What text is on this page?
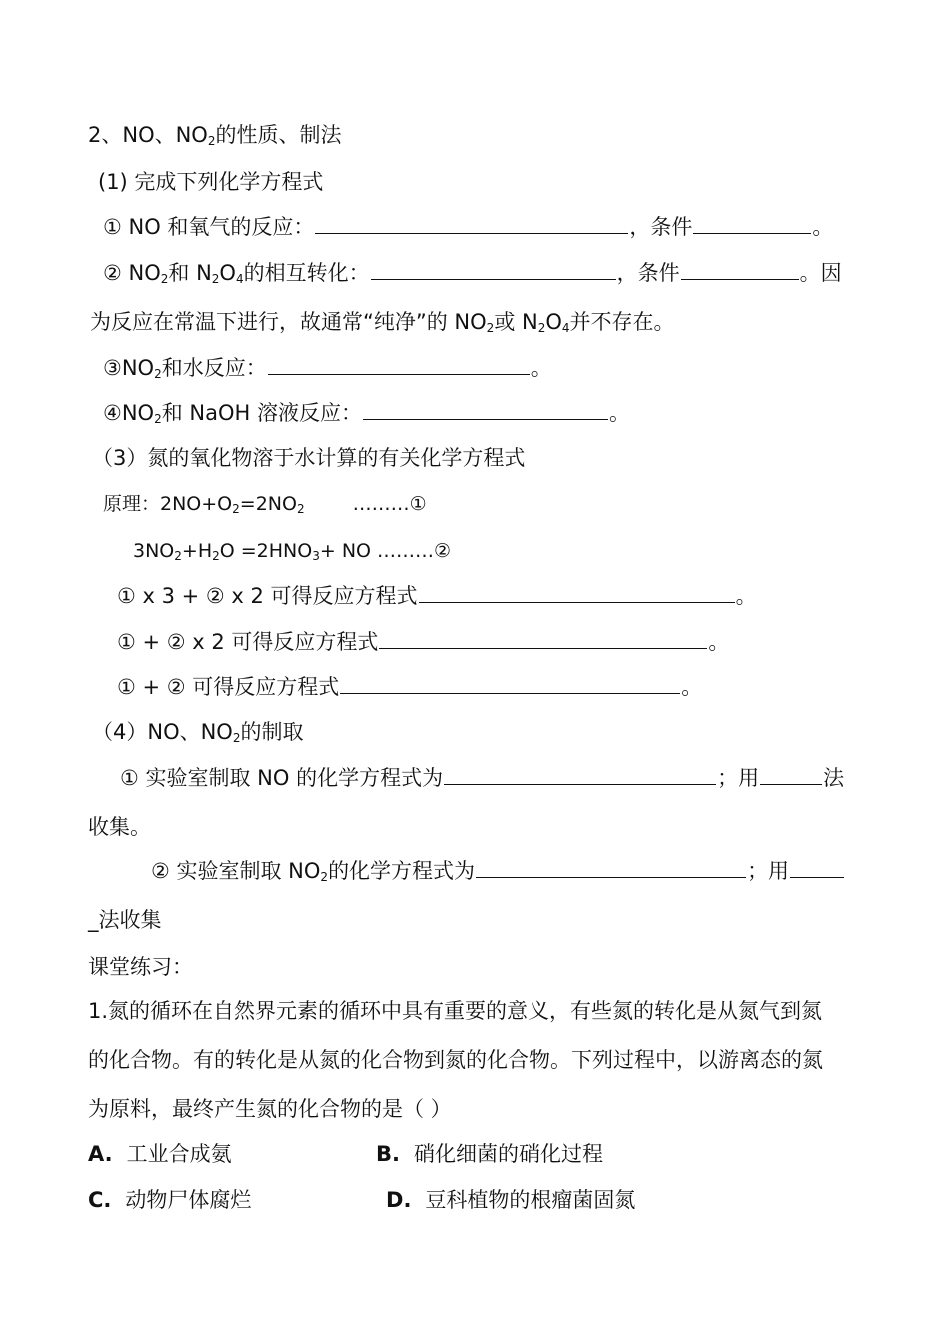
2、NO、$NO_2$的性质、制法
(1) 完成下列化学方程式
① NO 和氧气的反应：	，条件	。
② $NO_2$和 $N_2O_4$的相互转化：	，条件	。因
为反应在常温下进行，故通常“纯净”的 $NO_2$或 $N_2O_4$并不存在。
$③NO_2$和水反应：	。
$④NO_2$和 NaOH 溶液反应：	。
（3）氮的氧化物溶于水计算的有关化学方程式
原理：$2NO+O_2=2NO_2$	………①
$3NO_2+H_2O =2HNO_3+$ NO ………②
① x 3 + ② x 2 可得反应方程式	。
① + ② x 2 可得反应方程式	。
① + ② 可得反应方程式	。
（4）NO、$NO_2$的制取
① 实验室制取 NO 的化学方程式为	；用	法
收集。
② 实验室制取 $NO_2$的化学方程式为	；用
_法收集
课堂练习：
1.氮的循环在自然界元素的循环中具有重要的意义，有些氮的转化是从氮气到氮
的化合物。有的转化是从氮的化合物到氮的化合物。下列过程中，以游离态的氮
为原料，最终产生氮的化合物的是（ ）
A. 工业合成氨	B. 硝化细菌的硝化过程
C. 动物尸体腐烂	D. 豆科植物的根瘤菌固氮
